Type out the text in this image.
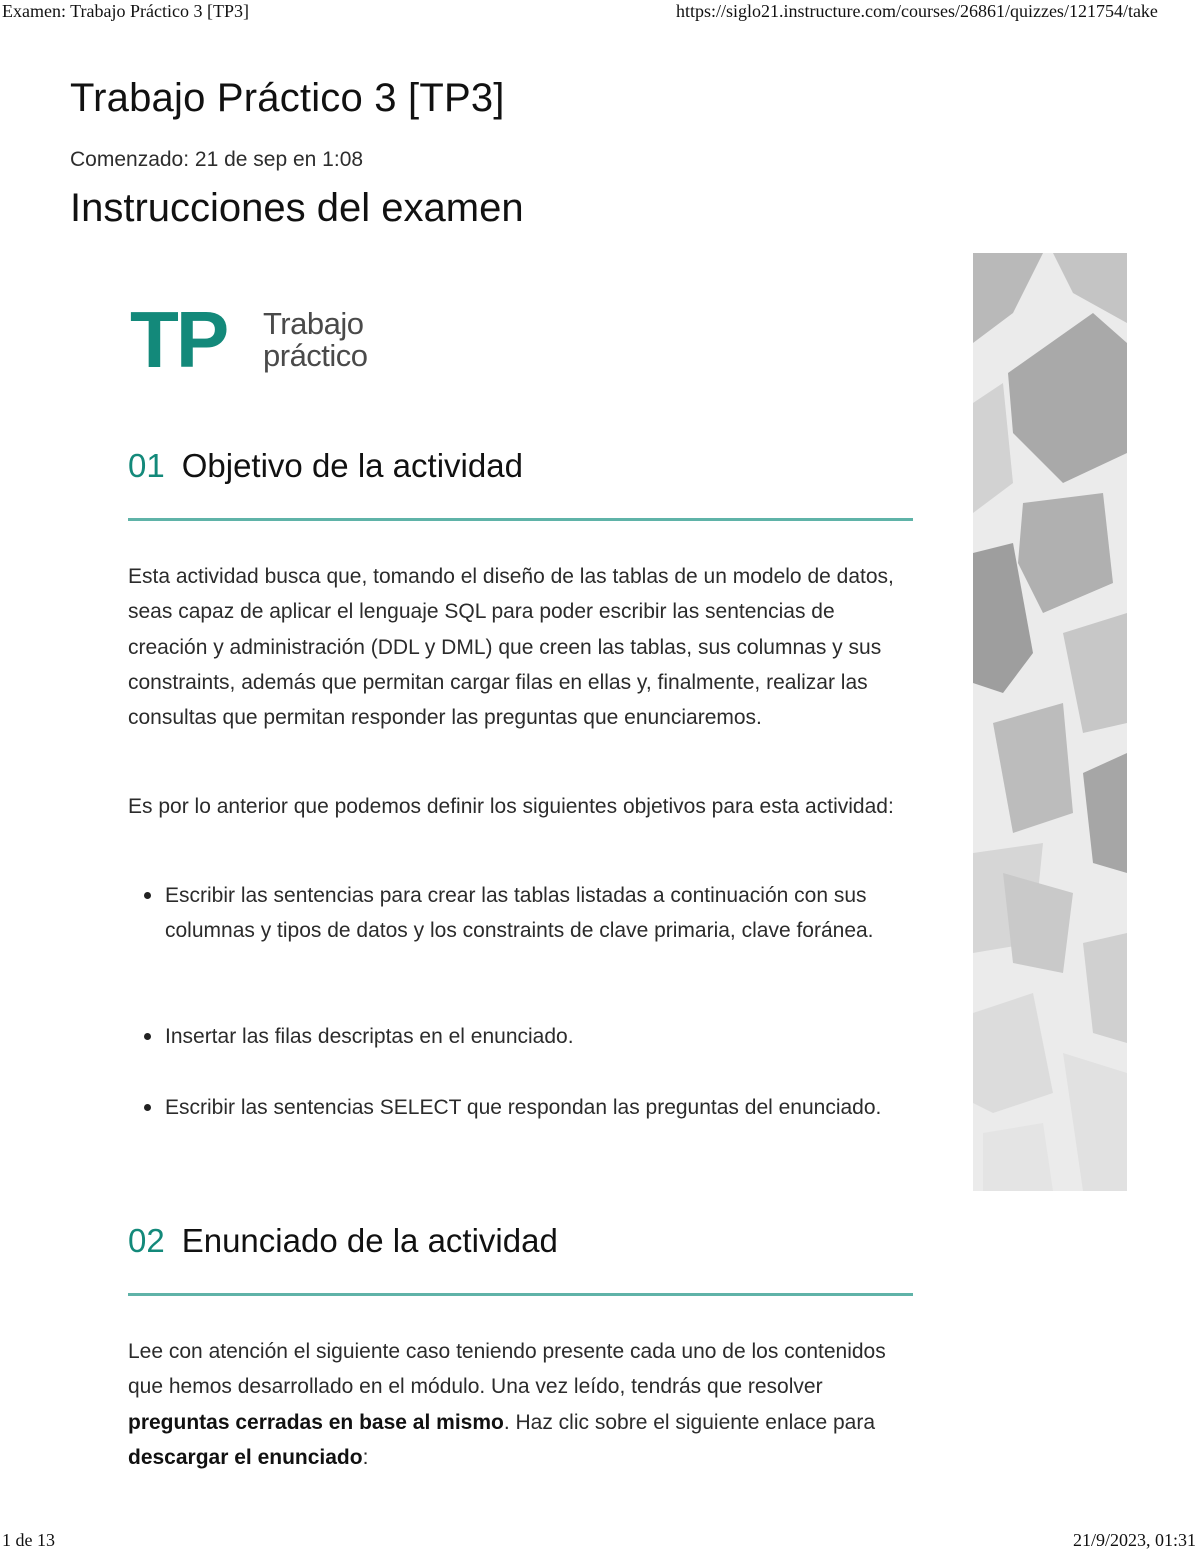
Examen: Trabajo Práctico 3 [TP3]	https://siglo21.instructure.com/courses/26861/quizzes/121754/take
Trabajo Práctico 3 [TP3]
Comenzado: 21 de sep en 1:08
Instrucciones del examen
TP Trabajo
práctico
01 Objetivo de la actividad

Esta actividad busca que, tomando el diseño de las tablas de un modelo de datos, seas capaz de aplicar el lenguaje SQL para poder escribir las sentencias de creación y administración (DDL y DML) que creen las tablas, sus columnas y sus constraints, además que permitan cargar filas en ellas y, finalmente, realizar las consultas que permitan responder las preguntas que enunciaremos.

Es por lo anterior que podemos definir los siguientes objetivos para esta actividad:

Escribir las sentencias para crear las tablas listadas a continuación con sus columnas y tipos de datos y los constraints de clave primaria, clave foránea.
Insertar las filas descriptas en el enunciado.
Escribir las sentencias SELECT que respondan las preguntas del enunciado.
02 Enunciado de la actividad

Lee con atención el siguiente caso teniendo presente cada uno de los contenidos que hemos desarrollado en el módulo. Una vez leído, tendrás que resolver preguntas cerradas en base al mismo. Haz clic sobre el siguiente enlace para descargar el enunciado:

1 de 13	21/9/2023, 01:31
